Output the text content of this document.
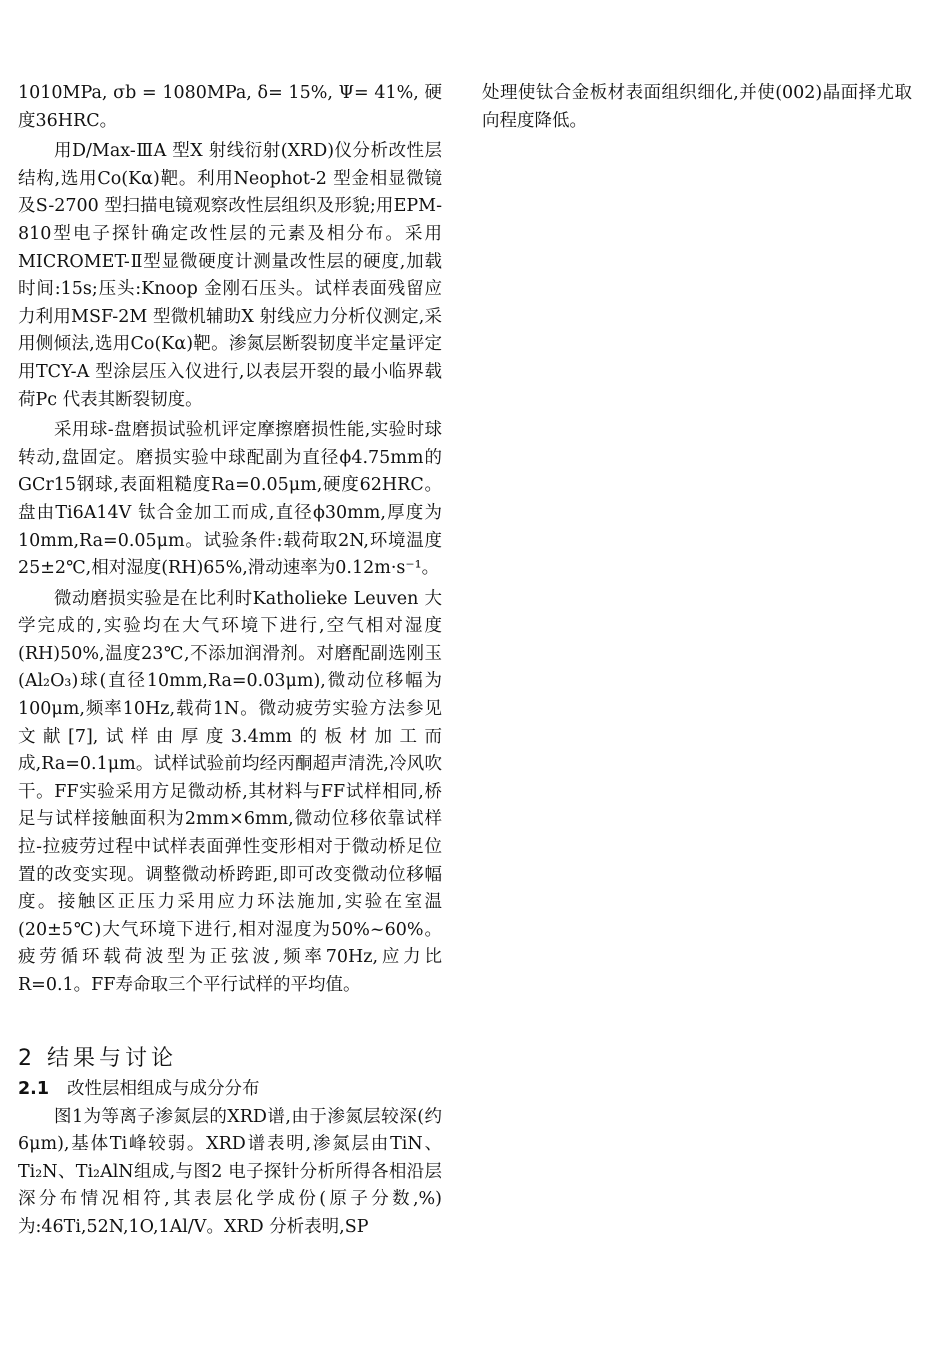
1010MPa, σb = 1080MPa, δ= 15%, Ψ= 41%, 硬度36HRC。

用D/Max-ⅢA 型X 射线衍射(XRD)仪分析改性层结构,选用Co(Kα)靶。利用Neophot-2 型金相显微镜及S-2700 型扫描电镜观察改性层组织及形貌;用EPM-810型电子探针确定改性层的元素及相分布。采用MICROMET-Ⅱ型显微硬度计测量改性层的硬度,加载时间:15s;压头:Knoop 金刚石压头。试样表面残留应力利用MSF-2M 型微机辅助X 射线应力分析仪测定,采用侧倾法,选用Co(Kα)靶。渗氮层断裂韧度半定量评定用TCY-A 型涂层压入仪进行,以表层开裂的最小临界载荷Pc 代表其断裂韧度。

采用球-盘磨损试验机评定摩擦磨损性能,实验时球转动,盘固定。磨损实验中球配副为直径ϕ4.75mm的GCr15钢球,表面粗糙度Ra=0.05μm,硬度62HRC。盘由Ti6A14V 钛合金加工而成,直径ϕ30mm,厚度为10mm,Ra=0.05μm。试验条件:载荷取2N,环境温度25±2℃,相对湿度(RH)65%,滑动速率为0.12m·s⁻¹。

微动磨损实验是在比利时Katholieke Leuven 大学完成的,实验均在大气环境下进行,空气相对湿度(RH)50%,温度23℃,不添加润滑剂。对磨配副选刚玉(Al₂O₃)球(直径10mm,Ra=0.03μm),微动位移幅为100μm,频率10Hz,载荷1N。微动疲劳实验方法参见文献[7],试样由厚度3.4mm的板材加工而成,Ra=0.1μm。试样试验前均经丙酮超声清洗,冷风吹干。FF实验采用方足微动桥,其材料与FF试样相同,桥足与试样接触面积为2mm×6mm,微动位移依靠试样拉-拉疲劳过程中试样表面弹性变形相对于微动桥足位置的改变实现。调整微动桥跨距,即可改变微动位移幅度。接触区正压力采用应力环法施加,实验在室温(20±5℃)大气环境下进行,相对湿度为50%~60%。疲劳循环载荷波型为正弦波,频率70Hz,应力比R=0.1。FF寿命取三个平行试样的平均值。

2 结果与讨论
2.1 改性层相组成与成分分布

图1为等离子渗氮层的XRD谱,由于渗氮层较深(约6μm),基体Ti峰较弱。XRD谱表明,渗氮层由TiN、Ti₂N、Ti₂AlN组成,与图2 电子探针分析所得各相沿层深分布情况相符,其表层化学成份(原子分数,%)为:46Ti,52N,1O,1Al/V。XRD 分析表明,SP

处理使钛合金板材表面组织细化,并使(002)晶面择尤取向程度降低。
